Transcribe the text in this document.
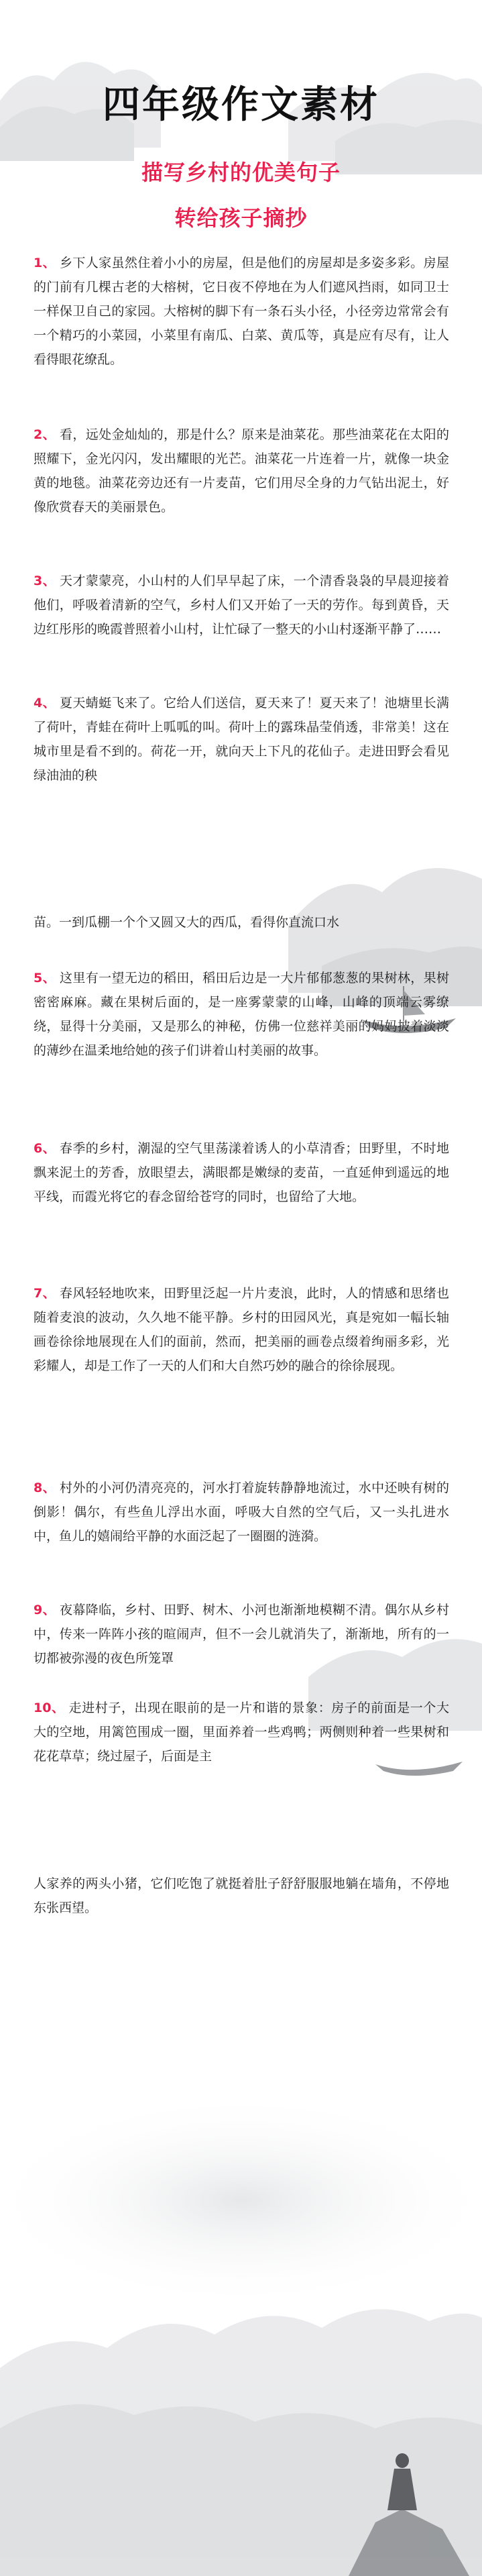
四年级作文素材
描写乡村的优美句子
转给孩子摘抄

1、 乡下人家虽然住着小小的房屋，但是他们的房屋却是多姿多彩。房屋的门前有几棵古老的大榕树，它日夜不停地在为人们遮风挡雨，如同卫士一样保卫自己的家园。大榕树的脚下有一条石头小径，小径旁边常常会有一个精巧的小菜园，小菜里有南瓜、白菜、黄瓜等，真是应有尽有，让人看得眼花缭乱。

2、 看，远处金灿灿的，那是什么？原来是油菜花。那些油菜花在太阳的照耀下，金光闪闪，发出耀眼的光芒。油菜花一片连着一片，就像一块金黄的地毯。油菜花旁边还有一片麦苗，它们用尽全身的力气钻出泥土，好像欣赏春天的美丽景色。

3、 天才蒙蒙亮，小山村的人们早早起了床，一个清香袅袅的早晨迎接着他们，呼吸着清新的空气，乡村人们又开始了一天的劳作。每到黄昏，天边红彤彤的晚霞普照着小山村，让忙碌了一整天的小山村逐渐平静了……

4、 夏天蜻蜓飞来了。它给人们送信，夏天来了！夏天来了！池塘里长满了荷叶，青蛙在荷叶上呱呱的叫。荷叶上的露珠晶莹俏透，非常美！这在城市里是看不到的。荷花一开，就向天上下凡的花仙子。走进田野会看见绿油油的秧

苗。一到瓜棚一个个又圆又大的西瓜，看得你直流口水

5、 这里有一望无边的稻田，稻田后边是一大片郁郁葱葱的果树林，果树密密麻麻。藏在果树后面的，是一座雾蒙蒙的山峰，山峰的顶端云雾缭绕，显得十分美丽，又是那么的神秘，仿佛一位慈祥美丽的妈妈披着淡淡的薄纱在温柔地给她的孩子们讲着山村美丽的故事。

6、 春季的乡村，潮湿的空气里荡漾着诱人的小草清香；田野里，不时地飘来泥土的芳香，放眼望去，满眼都是嫩绿的麦苗，一直延伸到遥远的地平线，而霞光将它的春念留给苍穹的同时，也留给了大地。

7、 春风轻轻地吹来，田野里泛起一片片麦浪，此时，人的情感和思绪也随着麦浪的波动，久久地不能平静。乡村的田园风光，真是宛如一幅长轴画卷徐徐地展现在人们的面前，然而，把美丽的画卷点缀着绚丽多彩，光彩耀人，却是工作了一天的人们和大自然巧妙的融合的徐徐展现。

8、 村外的小河仍清亮亮的，河水打着旋转静静地流过，水中还映有树的倒影！偶尔，有些鱼儿浮出水面，呼吸大自然的空气后，又一头扎进水中，鱼儿的嬉闹给平静的水面泛起了一圈圈的涟漪。

9、 夜幕降临，乡村、田野、树木、小河也渐渐地模糊不清。偶尔从乡村中，传来一阵阵小孩的暄闹声，但不一会儿就消失了，渐渐地，所有的一切都被弥漫的夜色所笼罩

10、 走进村子，出现在眼前的是一片和谐的景象：房子的前面是一个大大的空地，用篱笆围成一圈，里面养着一些鸡鸭；两侧则种着一些果树和花花草草；绕过屋子，后面是主

人家养的两头小猪，它们吃饱了就挺着肚子舒舒服服地躺在墙角，不停地东张西望。
